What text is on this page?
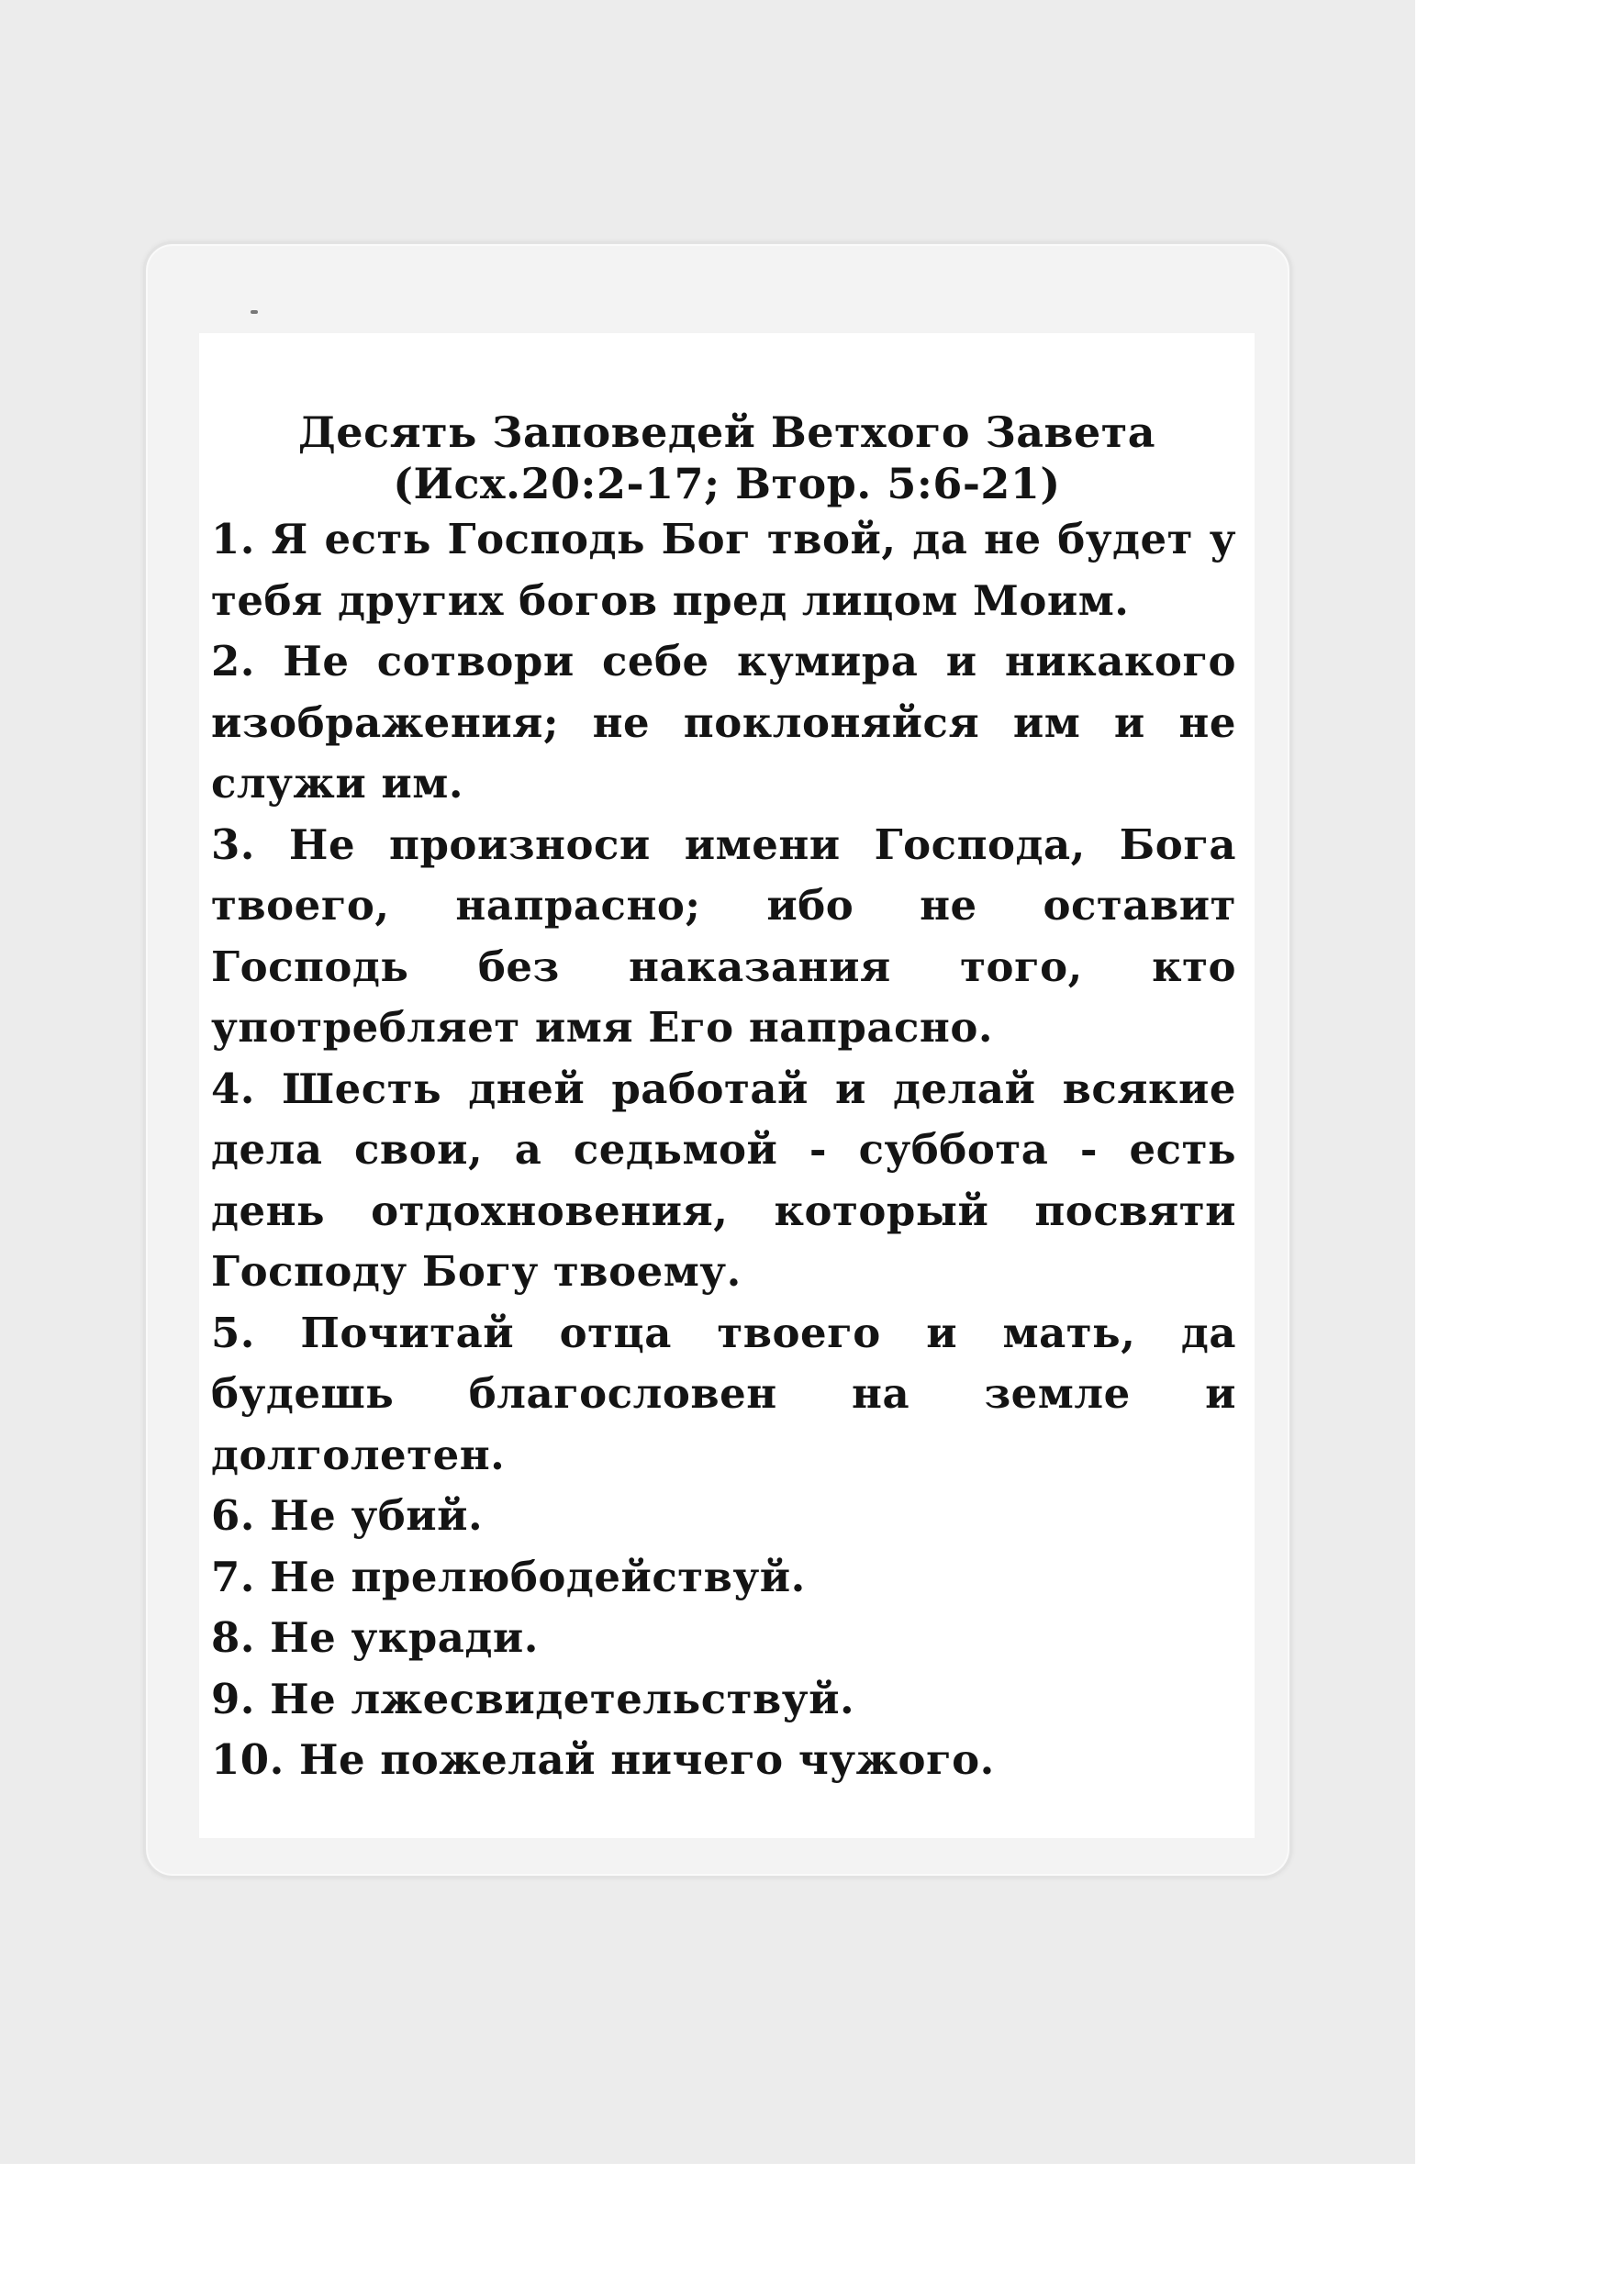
Десять Заповедей Ветхого Завета

(Исх.20:2-17; Втор. 5:6-21)

1. Я есть Господь Бог твой, да не будет у тебя других богов пред лицом Моим.
2. Не сотвори себе кумира и никакого изображения; не поклоняйся им и не служи им.
3. Не произноси имени Господа, Бога твоего, напрасно; ибо не оставит Господь без наказания того, кто употребляет имя Его напрасно.
4. Шесть дней работай и делай всякие дела свои, а седьмой - суббота - есть день отдохновения, который посвяти Господу Богу твоему.
5. Почитай отца твоего и мать, да будешь благословен на земле и долголетен.
6. Не убий.
7. Не прелюбодействуй.
8. Не укради.
9. Не лжесвидетельствуй.
10. Не пожелай ничего чужого.
